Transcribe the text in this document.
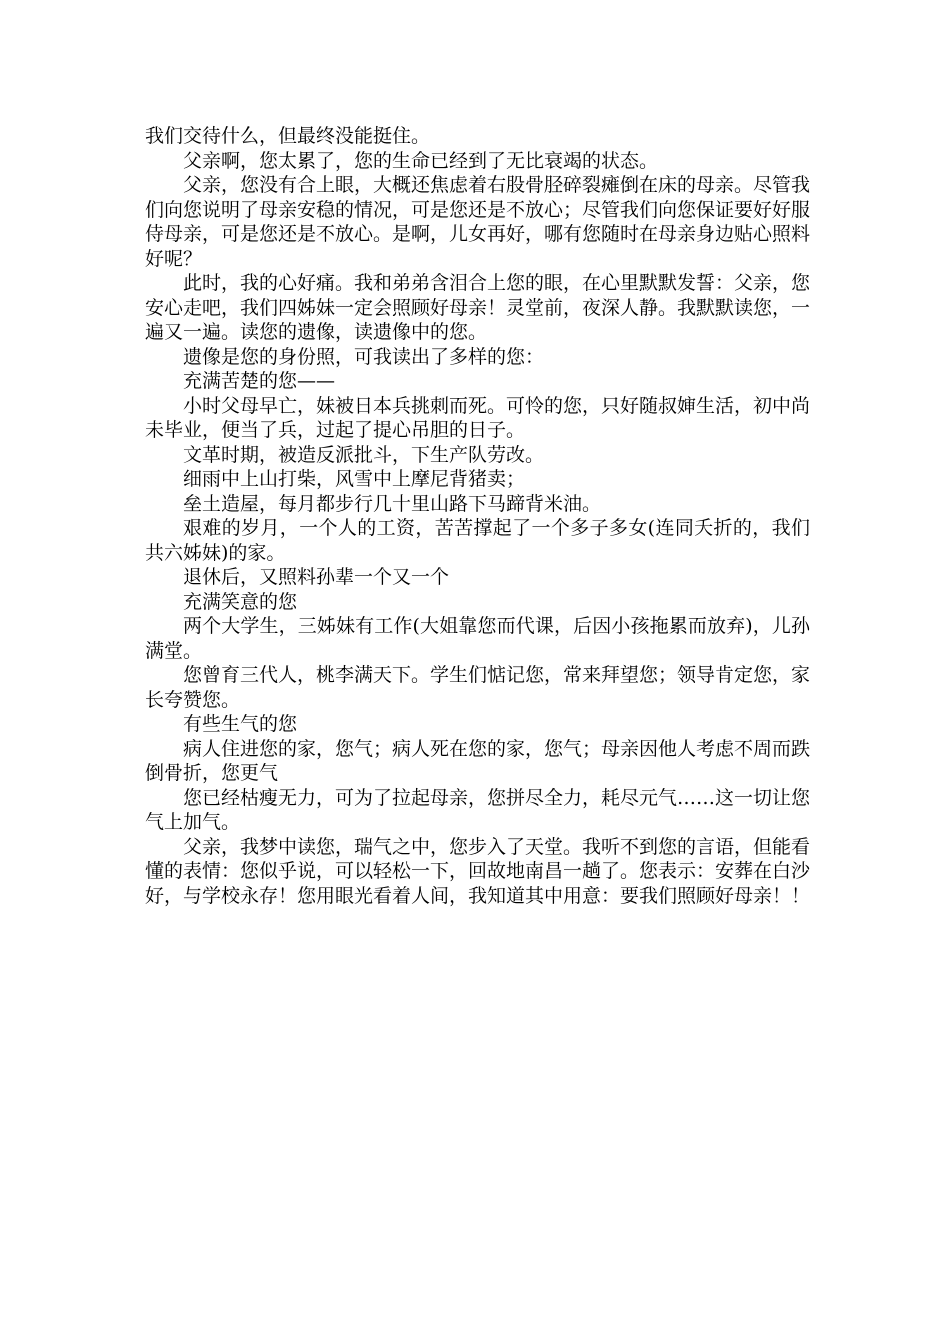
我们交待什么，但最终没能挺住。

父亲啊，您太累了，您的生命已经到了无比衰竭的状态。

父亲，您没有合上眼，大概还焦虑着右股骨胫碎裂瘫倒在床的母亲。尽管我们向您说明了母亲安稳的情况，可是您还是不放心；尽管我们向您保证要好好服侍母亲，可是您还是不放心。是啊，儿女再好，哪有您随时在母亲身边贴心照料好呢？

此时，我的心好痛。我和弟弟含泪合上您的眼，在心里默默发誓：父亲，您安心走吧，我们四姊妹一定会照顾好母亲！灵堂前，夜深人静。我默默读您，一遍又一遍。读您的遗像，读遗像中的您。

遗像是您的身份照，可我读出了多样的您：

充满苦楚的您——

小时父母早亡，妹被日本兵挑刺而死。可怜的您，只好随叔婶生活，初中尚未毕业，便当了兵，过起了提心吊胆的日子。

文革时期，被造反派批斗，下生产队劳改。

细雨中上山打柴，风雪中上摩尼背猪卖；

垒土造屋，每月都步行几十里山路下马蹄背米油。

艰难的岁月，一个人的工资，苦苦撑起了一个多子多女(连同夭折的，我们共六姊妹)的家。

退休后，又照料孙辈一个又一个

充满笑意的您

两个大学生，三姊妹有工作(大姐靠您而代课，后因小孩拖累而放弃)，儿孙满堂。

您曾育三代人，桃李满天下。学生们惦记您，常来拜望您；领导肯定您，家长夸赞您。

有些生气的您

病人住进您的家，您气；病人死在您的家，您气；母亲因他人考虑不周而跌倒骨折，您更气

您已经枯瘦无力，可为了拉起母亲，您拼尽全力，耗尽元气……这一切让您气上加气。

父亲，我梦中读您，瑞气之中，您步入了天堂。我听不到您的言语，但能看懂的表情：您似乎说，可以轻松一下，回故地南昌一趟了。您表示：安葬在白沙好，与学校永存！您用眼光看着人间，我知道其中用意：要我们照顾好母亲！！
